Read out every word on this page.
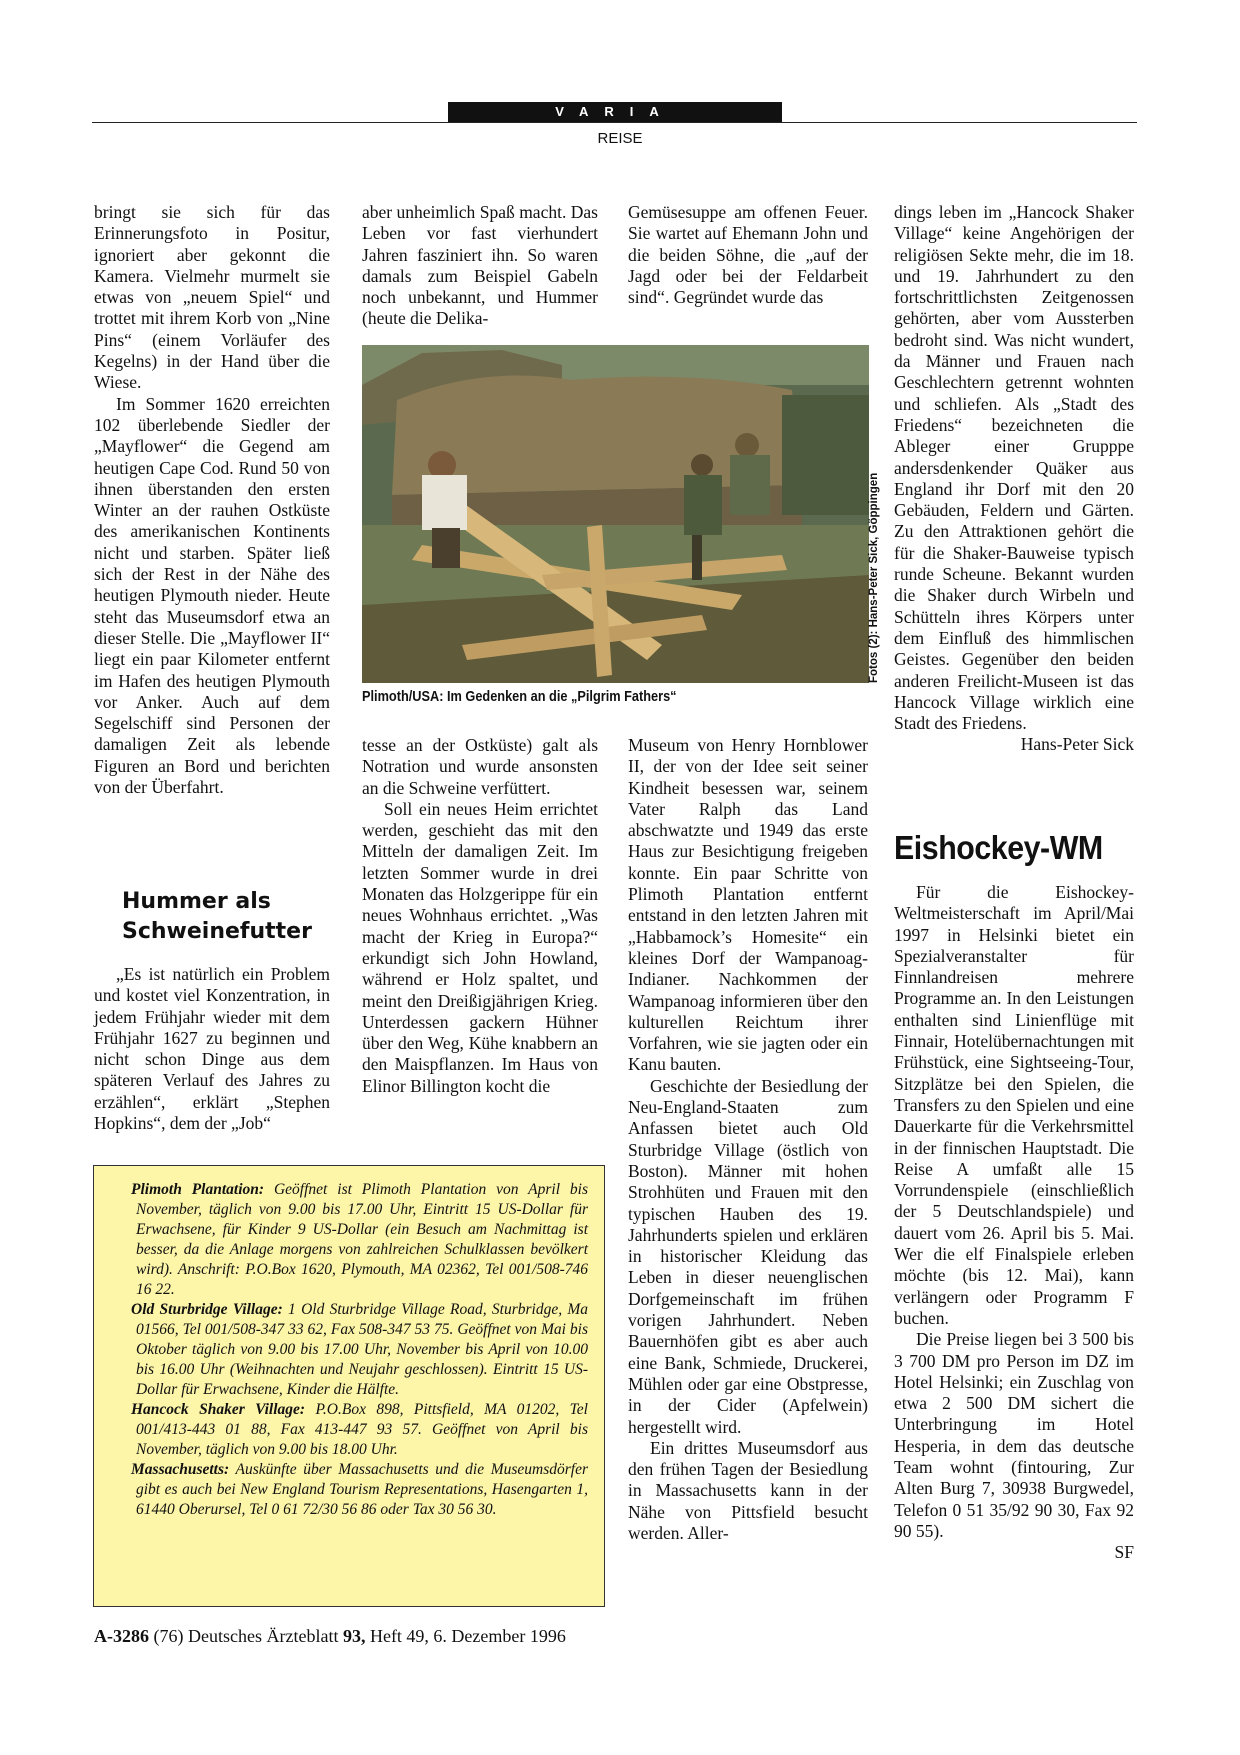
VARIA
REISE

bringt sie sich für das Erinnerungsfoto in Positur, ignoriert aber gekonnt die Kamera. Vielmehr murmelt sie etwas von „neuem Spiel“ und trottet mit ihrem Korb von „Nine Pins“ (einem Vorläufer des Kegelns) in der Hand über die Wiese.

Im Sommer 1620 erreichten 102 überlebende Siedler der „Mayflower“ die Gegend am heutigen Cape Cod. Rund 50 von ihnen überstanden den ersten Winter an der rauhen Ostküste des amerikanischen Kontinents nicht und starben. Später ließ sich der Rest in der Nähe des heutigen Plymouth nieder. Heute steht das Museumsdorf etwa an dieser Stelle. Die „Mayflower II“ liegt ein paar Kilometer entfernt im Hafen des heutigen Plymouth vor Anker. Auch auf dem Segelschiff sind Personen der damaligen Zeit als lebende Figuren an Bord und berichten von der Überfahrt.

Hummer als
Schweinefutter

„Es ist natürlich ein Problem und kostet viel Konzentration, in jedem Frühjahr wieder mit dem Frühjahr 1627 zu beginnen und nicht schon Dinge aus dem späteren Verlauf des Jahres zu erzählen“, erklärt „Stephen Hopkins“, dem der „Job“

aber unheimlich Spaß macht. Das Leben vor fast vierhundert Jahren fasziniert ihn. So waren damals zum Beispiel Gabeln noch unbekannt, und Hummer (heute die Delika-

tesse an der Ostküste) galt als Notration und wurde ansonsten an die Schweine verfüttert.

Soll ein neues Heim errichtet werden, geschieht das mit den Mitteln der damaligen Zeit. Im letzten Sommer wurde in drei Monaten das Holzgerippe für ein neues Wohnhaus errichtet. „Was macht der Krieg in Europa?“ erkundigt sich John Howland, während er Holz spaltet, und meint den Dreißigjährigen Krieg. Unterdessen gackern Hühner über den Weg, Kühe knabbern an den Maispflanzen. Im Haus von Elinor Billington kocht die

Gemüsesuppe am offenen Feuer. Sie wartet auf Ehemann John und die beiden Söhne, die „auf der Jagd oder bei der Feldarbeit sind“. Gegründet wurde das

Museum von Henry Hornblower II, der von der Idee seit seiner Kindheit besessen war, seinem Vater Ralph das Land abschwatzte und 1949 das erste Haus zur Besichtigung freigeben konnte. Ein paar Schritte von Plimoth Plantation entfernt entstand in den letzten Jahren mit „Habbamock’s Homesite“ ein kleines Dorf der Wampanoag-Indianer. Nachkommen der Wampanoag informieren über den kulturellen Reichtum ihrer Vorfahren, wie sie jagten oder ein Kanu bauten.

Geschichte der Besiedlung der Neu-England-Staaten zum Anfassen bietet auch Old Sturbridge Village (östlich von Boston). Männer mit hohen Strohhüten und Frauen mit den typischen Hauben des 19. Jahrhunderts spielen und erklären in historischer Kleidung das Leben in dieser neuenglischen Dorfgemeinschaft im frühen vorigen Jahrhundert. Neben Bauernhöfen gibt es aber auch eine Bank, Schmiede, Druckerei, Mühlen oder gar eine Obstpresse, in der Cider (Apfelwein) hergestellt wird.

Ein drittes Museumsdorf aus den frühen Tagen der Besiedlung in Massachusetts kann in der Nähe von Pittsfield besucht werden. Aller-

dings leben im „Hancock Shaker Village“ keine Angehörigen der religiösen Sekte mehr, die im 18. und 19. Jahrhundert zu den fortschrittlichsten Zeitgenossen gehörten, aber vom Aussterben bedroht sind. Was nicht wundert, da Männer und Frauen nach Geschlechtern getrennt wohnten und schliefen. Als „Stadt des Friedens“ bezeichneten die Ableger einer Grupppe andersdenkender Quäker aus England ihr Dorf mit den 20 Gebäuden, Feldern und Gärten. Zu den Attraktionen gehört die für die Shaker-Bauweise typisch runde Scheune. Bekannt wurden die Shaker durch Wirbeln und Schütteln ihres Körpers unter dem Einfluß des himmlischen Geistes. Gegenüber den beiden anderen Freilicht-Museen ist das Hancock Village wirklich eine Stadt des Friedens.

Hans-Peter Sick

Eishockey-WM

Für die Eishockey-Weltmeisterschaft im April/Mai 1997 in Helsinki bietet ein Spezialveranstalter für Finnlandreisen mehrere Programme an. In den Leistungen enthalten sind Linienflüge mit Finnair, Hotelübernachtungen mit Frühstück, eine Sightseeing-Tour, Sitzplätze bei den Spielen, die Transfers zu den Spielen und eine Dauerkarte für die Verkehrsmittel in der finnischen Hauptstadt. Die Reise A umfaßt alle 15 Vorrundenspiele (einschließlich der 5 Deutschlandspiele) und dauert vom 26. April bis 5. Mai. Wer die elf Finalspiele erleben möchte (bis 12. Mai), kann verlängern oder Programm F buchen.

Die Preise liegen bei 3 500 bis 3 700 DM pro Person im DZ im Hotel Helsinki; ein Zuschlag von etwa 2 500 DM sichert die Unterbringung im Hotel Hesperia, in dem das deutsche Team wohnt (fintouring, Zur Alten Burg 7, 30938 Burgwedel, Telefon 0 51 35/92 90 30, Fax 92 90 55).

SF

Plimoth/USA: Im Gedenken an die „Pilgrim Fathers“
Fotos (2): Hans-Peter Sick, Göppingen

Plimoth Plantation: Geöffnet ist Plimoth Plantation von April bis November, täglich von 9.00 bis 17.00 Uhr, Eintritt 15 US-Dollar für Erwachsene, für Kinder 9 US-Dollar (ein Besuch am Nachmittag ist besser, da die Anlage morgens von zahlreichen Schulklassen bevölkert wird). Anschrift: P.O.Box 1620, Plymouth, MA 02362, Tel 001/508-746 16 22.

Old Sturbridge Village: 1 Old Sturbridge Village Road, Sturbridge, Ma 01566, Tel 001/508-347 33 62, Fax 508-347 53 75. Geöffnet von Mai bis Oktober täglich von 9.00 bis 17.00 Uhr, November bis April von 10.00 bis 16.00 Uhr (Weihnachten und Neujahr geschlossen). Eintritt 15 US-Dollar für Erwachsene, Kinder die Hälfte.

Hancock Shaker Village: P.O.Box 898, Pittsfield, MA 01202, Tel 001/413-443 01 88, Fax 413-447 93 57. Geöffnet von April bis November, täglich von 9.00 bis 18.00 Uhr.

Massachusetts: Auskünfte über Massachusetts und die Museumsdörfer gibt es auch bei New England Tourism Representations, Hasengarten 1, 61440 Oberursel, Tel 0 61 72/30 56 86 oder Tax 30 56 30.

A-3286 (76) Deutsches Ärzteblatt 93, Heft 49, 6. Dezember 1996
